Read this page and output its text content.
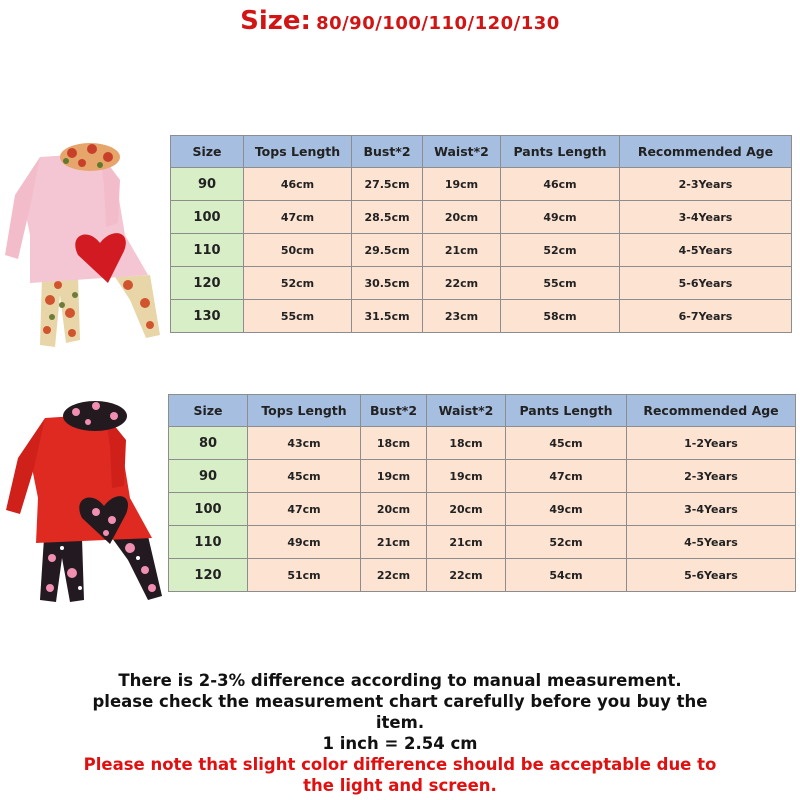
Size: 80/90/100/110/120/130
Size	Tops Length	Bust*2	Waist*2	Pants Length	Recommended Age
90	46cm	27.5cm	19cm	46cm	2-3Years
100	47cm	28.5cm	20cm	49cm	3-4Years
110	50cm	29.5cm	21cm	52cm	4-5Years
120	52cm	30.5cm	22cm	55cm	5-6Years
130	55cm	31.5cm	23cm	58cm	6-7Years
Size	Tops Length	Bust*2	Waist*2	Pants Length	Recommended Age
80	43cm	18cm	18cm	45cm	1-2Years
90	45cm	19cm	19cm	47cm	2-3Years
100	47cm	20cm	20cm	49cm	3-4Years
110	49cm	21cm	21cm	52cm	4-5Years
120	51cm	22cm	22cm	54cm	5-6Years
There is 2-3% difference according to manual measurement.
please check the measurement chart carefully before you buy the
item.
1 inch = 2.54 cm
Please note that slight color difference should be acceptable due to
the light and screen.
